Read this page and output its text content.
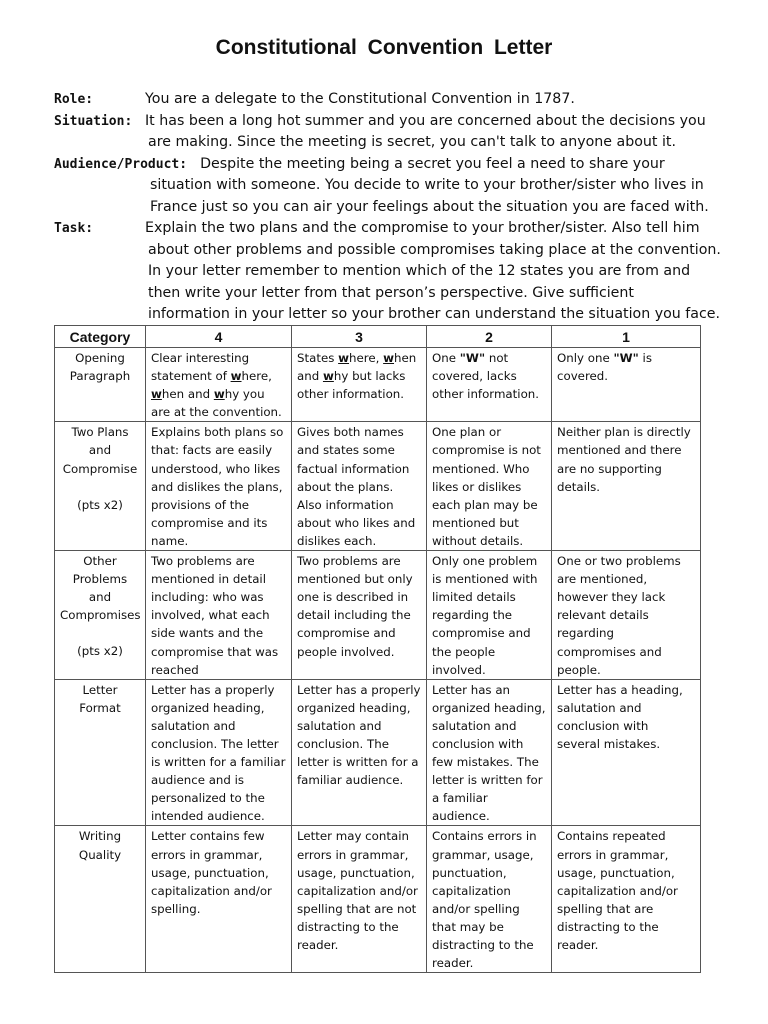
Constitutional Convention Letter
Role:	You are a delegate to the Constitutional Convention in 1787.
Situation: It has been a long hot summer and you are concerned about the decisions you
are making. Since the meeting is secret, you can't talk to anyone about it.
Audience/Product: Despite the meeting being a secret you feel a need to share your
situation with someone. You decide to write to your brother/sister who lives in
France just so you can air your feelings about the situation you are faced with.
Task:	Explain the two plans and the compromise to your brother/sister. Also tell him
about other problems and possible compromises taking place at the convention.
In your letter remember to mention which of the 12 states you are from and
then write your letter from that person’s perspective. Give sufficient
information in your letter so your brother can understand the situation you face.
Category	4	3	2	1

Opening
Paragraph	Clear interesting statement of where, when and why you are at the convention.	States where, when and why but lacks other information.	One "W" not covered, lacks other information.	Only one "W" is covered.

Two Plans
and
Compromise
(pts x2)	Explains both plans so that: facts are easily understood, who likes and dislikes the plans, provisions of the compromise and its name.	Gives both names and states some factual information about the plans. Also information about who likes and dislikes each.	One plan or compromise is not mentioned. Who likes or dislikes each plan may be mentioned but without details.	Neither plan is directly mentioned and there are no supporting details.

Other
Problems
and
Compromises
(pts x2)	Two problems are mentioned in detail including: who was involved, what each side wants and the compromise that was reached	Two problems are mentioned but only one is described in detail including the compromise and people involved.	Only one problem is mentioned with limited details regarding the compromise and the people involved.	One or two problems are mentioned, however they lack relevant details regarding compromises and people.

Letter
Format	Letter has a properly organized heading, salutation and conclusion. The letter is written for a familiar audience and is personalized to the intended audience.	Letter has a properly organized heading, salutation and conclusion. The letter is written for a familiar audience.	Letter has an organized heading, salutation and conclusion with few mistakes. The letter is written for a familiar audience.	Letter has a heading, salutation and conclusion with several mistakes.

Writing
Quality	Letter contains few errors in grammar, usage, punctuation, capitalization and/or spelling.	Letter may contain errors in grammar, usage, punctuation, capitalization and/or spelling that are not distracting to the reader.	Contains errors in grammar, usage, punctuation, capitalization and/or spelling that may be distracting to the reader.	Contains repeated errors in grammar, usage, punctuation, capitalization and/or spelling that are distracting to the reader.
